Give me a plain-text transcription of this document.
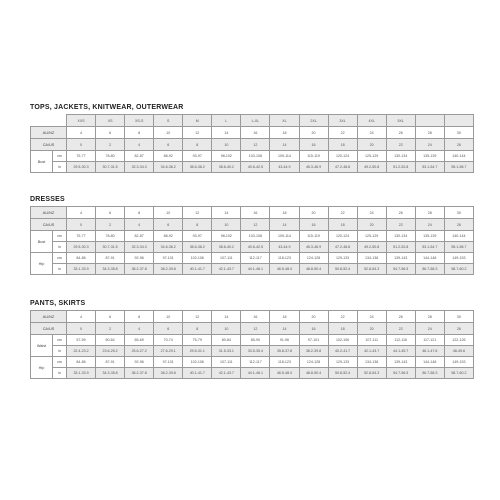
TOPS, JACKETS, KNITWEAR, OUTERWEAR
		XXS	XS	XS-S	S	M	L	L-XL	XL	2XL	3XL	4XL	5XL		
AU/NZ		4	6	8	10	12	14	16	18	20	22	24	26	28	30
CA/US		0	2	4	6	8	10	12	14	16	18	20	22	24	26
Bust	cm	75-77	78-80	82-87	88-92	93-97	98-102	103-108	109-114	115-119	120-124	125-129	130-134	135-139	140-144
	in	29.5-30.3	30.7-31.5	32.3-34.3	34.6-36.2	36.6-38.2	38.6-40.2	40.6-42.5	43-44.9	45.3-46.9	47.2-48.8	49.2-50.8	51.2-52.8	53.1-54.7	55.1-56.7
DRESSES
AU/NZ		4	6	8	10	12	14	16	18	20	22	24	26	28	30
CA/US		0	2	4	6	8	10	12	14	16	18	20	22	24	26
Bust	cm	75-77	78-80	82-87	88-92	93-97	98-102	103-108	109-114	115-119	120-124	125-129	130-134	135-139	140-144
	in	29.5-30.3	30.7-31.5	32.3-34.3	34.6-36.2	36.6-38.2	38.6-40.2	40.6-42.5	43-44.9	45.3-46.9	47.2-48.8	49.2-50.8	51.2-52.8	53.1-54.7	55.1-56.7
Hip	cm	84-86	87-91	92-96	97-101	102-106	107-111	112-117	118-123	124-128	129-133	134-138	139-143	144-148	149-153
	in	33.1-33.9	34.3-35.8	36.2-37.8	38.2-39.8	40.1-41.7	42.1-43.7	44.1-46.1	46.5-48.4	48.8-50.4	50.8-52.4	52.8-54.3	54.7-56.3	56.7-58.3	58.7-60.2
PANTS, SKIRTS
AU/NZ		4	6	8	10	12	14	16	18	20	22	24	26	28	30
CA/US		0	2	4	6	8	10	12	14	16	18	20	22	24	26
Waist	cm	57-59	60-64	65-69	70-74	75-79	80-84	85-90	91-96	97-101	102-106	107-111	112-116	117-121	122-126
	in	22.4-23.2	23.6-25.2	25.6-27.2	27.6-29.1	29.5-31.1	31.5-33.1	33.5-35.4	35.8-37.8	38.2-39.8	40.2-41.7	42.1-43.7	44.1-45.7	46.1-47.6	48-49.6
Hip	cm	84-86	87-91	92-96	97-101	102-106	107-111	112-117	118-123	124-128	129-133	134-138	139-143	144-148	149-153
	in	33.1-33.9	34.3-35.8	36.2-37.8	38.2-39.8	40.1-41.7	42.1-43.7	44.1-46.1	46.5-48.4	48.8-50.4	50.8-52.4	52.8-54.3	54.7-56.3	56.7-58.3	58.7-60.2
